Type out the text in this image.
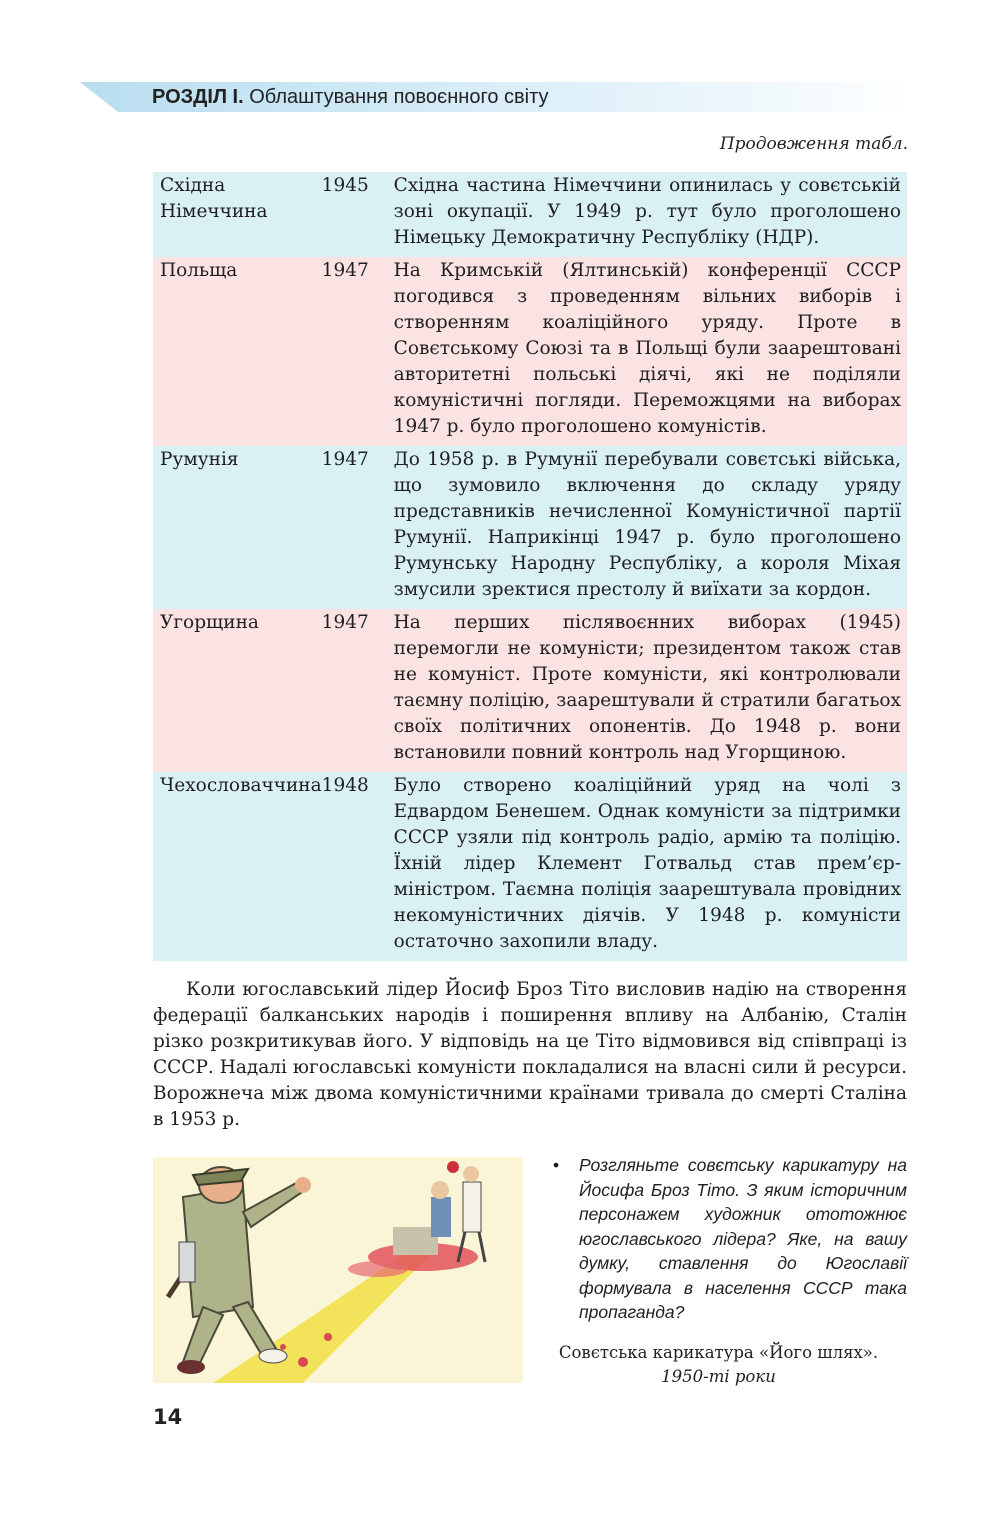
РОЗДІЛ І. Облаштування повоєнного світу
Продовження табл.
Східна Німеччина	1945	Східна частина Німеччини опинилась у совєтській зоні окупації. У 1949 р. тут було проголошено Німецьку Демократичну Республіку (НДР).
Польща	1947	На Кримській (Ялтинській) конференції СССР погодився з проведенням вільних виборів і створенням коаліційного уряду. Проте в Совєтському Союзі та в Польщі були заарештовані авторитетні польські діячі, які не поділяли комуністичні погляди. Переможцями на виборах 1947 р. було проголошено комуністів.
Румунія	1947	До 1958 р. в Румунії перебували совєтські війська, що зумовило включення до складу уряду представників нечисленної Комуністичної партії Румунії. Наприкінці 1947 р. було проголошено Румунську Народну Республіку, а короля Міхая змусили зректися престолу й виїхати за кордон.
Угорщина	1947	На перших післявоєнних виборах (1945) перемогли не комуністи; президентом також став не комуніст. Проте комуністи, які контролювали таємну поліцію, заарештували й стратили багатьох своїх політичних опонентів. До 1948 р. вони встановили повний контроль над Угорщиною.
Чехословаччина	1948	Було створено коаліційний уряд на чолі з Едвардом Бенешем. Однак комуністи за підтримки СССР узяли під контроль радіо, армію та поліцію. Їхній лідер Клемент Готвальд став прем’єр-міністром. Таємна поліція заарештувала провідних некомуністичних діячів. У 1948 р. комуністи остаточно захопили владу.
Коли югославський лідер Йосиф Броз Тіто висловив надію на створення федерації балканських народів і поширення впливу на Албанію, Сталін різко розкритикував його. У відповідь на це Тіто відмовився від співпраці із СССР. Надалі югославські комуністи покладалися на власні сили й ресурси. Ворожнеча між двома комуністичними країнами тривала до смерті Сталіна в 1953 р.
• Розгляньте совєтську карикатуру на Йосифа Броз Тіто. З яким історичним персонажем художник ототожнює югославського лідера? Яке, на вашу думку, ставлення до Югославії формувала в населення СССР така пропаганда?
Совєтська карикатура «Його шлях».
1950-ті роки
14
